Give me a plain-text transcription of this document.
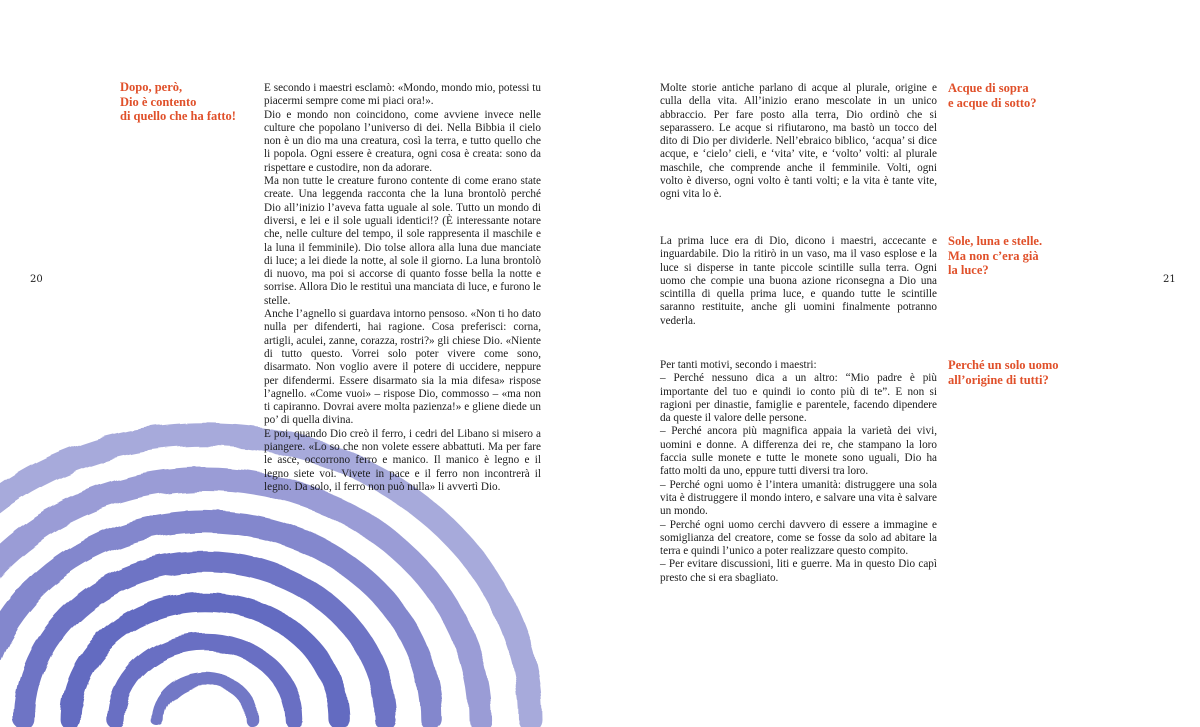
Dopo, però,
Dio è contento
di quello che ha fatto!
E secondo i maestri esclamò: «Mondo, mondo mio, potessi tu piacermi sempre come mi piaci ora!».
Dio e mondo non coincidono, come avviene invece nelle culture che popolano l’universo di dei. Nella Bibbia il cielo non è un dio ma una creatura, così la terra, e tutto quello che li popola. Ogni essere è creatura, ogni cosa è creata: sono da rispettare e custodire, non da adorare.
Ma non tutte le creature furono contente di come erano state create. Una leggenda racconta che la luna brontolò perché Dio all’inizio l’aveva fatta uguale al sole. Tutto un mondo di diversi, e lei e il sole uguali identici!? (È interessante notare che, nelle culture del tempo, il sole rappresenta il maschile e la luna il femminile). Dio tolse allora alla luna due manciate di luce; a lei diede la notte, al sole il giorno. La luna brontolò di nuovo, ma poi si accorse di quanto fosse bella la notte e sorrise. Allora Dio le restituì una manciata di luce, e furono le stelle.
Anche l’agnello si guardava intorno pensoso. «Non ti ho dato nulla per difenderti, hai ragione. Cosa preferisci: corna, artigli, aculei, zanne, corazza, rostri?» gli chiese Dio. «Niente di tutto questo. Vorrei solo poter vivere come sono, disarmato. Non voglio avere il potere di uccidere, neppure per difendermi. Essere disarmato sia la mia difesa» rispose l’agnello. «Come vuoi» – rispose Dio, commosso – «ma non ti capiranno. Dovrai avere molta pazienza!» e gliene diede un po’ di quella divina.
E poi, quando Dio creò il ferro, i cedri del Libano si misero a piangere. «Lo so che non volete essere abbattuti. Ma per fare le asce, occorrono ferro e manico. Il manico è legno e il legno siete voi. Vivete in pace e il ferro non incontrerà il legno. Da solo, il ferro non può nulla» li avvertì Dio.
20
Molte storie antiche parlano di acque al plurale, origine e culla della vita. All’inizio erano mescolate in un unico abbraccio. Per fare posto alla terra, Dio ordinò che si separassero. Le acque si rifiutarono, ma bastò un tocco del dito di Dio per dividerle. Nell’ebraico biblico, ‘acqua’ si dice acque, e ‘cielo’ cieli, e ‘vita’ vite, e ‘volto’ volti: al plurale maschile, che comprende anche il femminile. Volti, ogni volto è diverso, ogni volto è tanti volti; e la vita è tante vite, ogni vita lo è.
Acque di sopra
e acque di sotto?
La prima luce era di Dio, dicono i maestri, accecante e inguardabile. Dio la ritirò in un vaso, ma il vaso esplose e la luce si disperse in tante piccole scintille sulla terra. Ogni uomo che compie una buona azione riconsegna a Dio una scintilla di quella prima luce, e quando tutte le scintille saranno restituite, anche gli uomini finalmente potranno vederla.
Sole, luna e stelle.
Ma non c’era già
la luce?
Per tanti motivi, secondo i maestri:
– Perché nessuno dica a un altro: “Mio padre è più importante del tuo e quindi io conto più di te”. E non si ragioni per dinastie, famiglie e parentele, facendo dipendere da queste il valore delle persone.
– Perché ancora più magnifica appaia la varietà dei vivi, uomini e donne. A differenza dei re, che stampano la loro faccia sulle monete e tutte le monete sono uguali, Dio ha fatto molti da uno, eppure tutti diversi tra loro.
– Perché ogni uomo è l’intera umanità: distruggere una sola vita è distruggere il mondo intero, e salvare una vita è salvare un mondo.
– Perché ogni uomo cerchi davvero di essere a immagine e somiglianza del creatore, come se fosse da solo ad abitare la terra e quindi l’unico a poter realizzare questo compito.
– Per evitare discussioni, liti e guerre. Ma in questo Dio capì presto che si era sbagliato.
Perché un solo uomo
all’origine di tutti?
21
